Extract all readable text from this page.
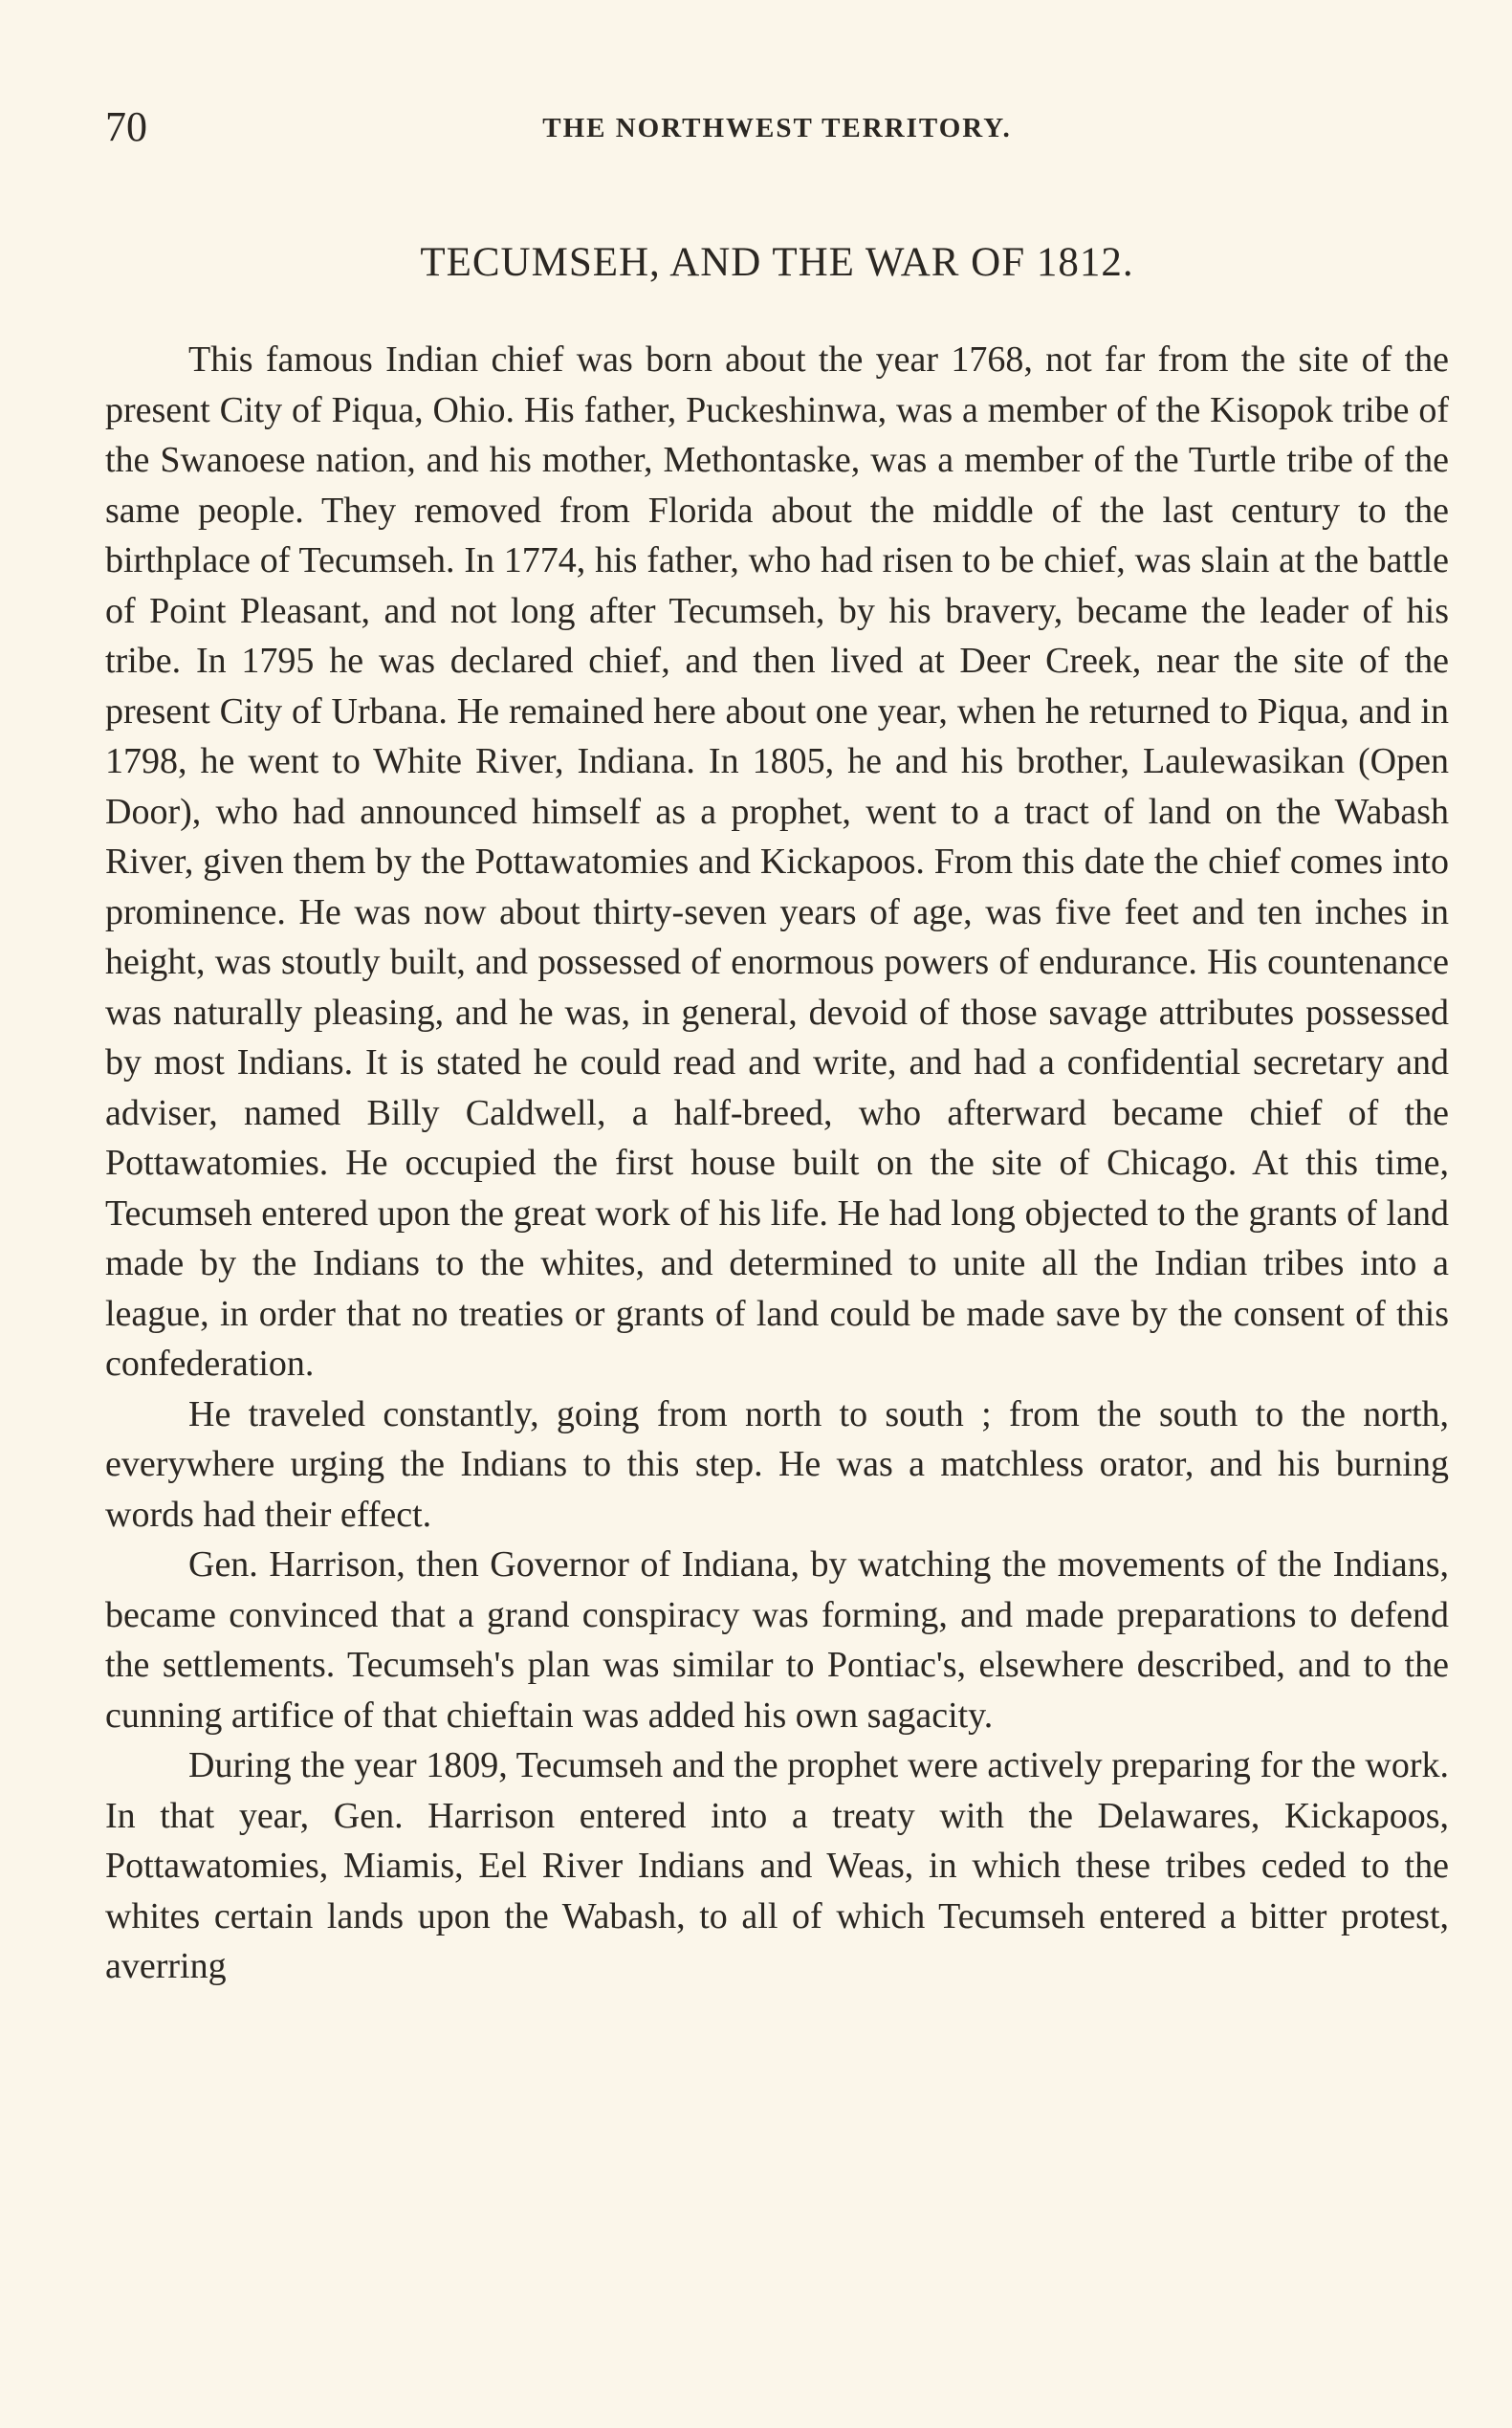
70	THE NORTHWEST TERRITORY.
TECUMSEH, AND THE WAR OF 1812.

This famous Indian chief was born about the year 1768, not far from the site of the present City of Piqua, Ohio. His father, Puckeshinwa, was a member of the Kisopok tribe of the Swanoese nation, and his mother, Methontaske, was a member of the Turtle tribe of the same people. They removed from Florida about the middle of the last century to the birthplace of Tecumseh. In 1774, his father, who had risen to be chief, was slain at the battle of Point Pleasant, and not long after Tecumseh, by his bravery, became the leader of his tribe. In 1795 he was declared chief, and then lived at Deer Creek, near the site of the present City of Urbana. He remained here about one year, when he returned to Piqua, and in 1798, he went to White River, Indiana. In 1805, he and his brother, Laulewasikan (Open Door), who had announced himself as a prophet, went to a tract of land on the Wabash River, given them by the Pottawatomies and Kickapoos. From this date the chief comes into prominence. He was now about thirty-seven years of age, was five feet and ten inches in height, was stoutly built, and possessed of enormous powers of endurance. His countenance was naturally pleasing, and he was, in general, devoid of those savage attributes possessed by most Indians. It is stated he could read and write, and had a confidential secretary and adviser, named Billy Caldwell, a half-breed, who afterward became chief of the Pottawatomies. He occupied the first house built on the site of Chicago. At this time, Tecumseh entered upon the great work of his life. He had long objected to the grants of land made by the Indians to the whites, and determined to unite all the Indian tribes into a league, in order that no treaties or grants of land could be made save by the consent of this confederation.

He traveled constantly, going from north to south ; from the south to the north, everywhere urging the Indians to this step. He was a matchless orator, and his burning words had their effect.

Gen. Harrison, then Governor of Indiana, by watching the movements of the Indians, became convinced that a grand conspiracy was forming, and made preparations to defend the settlements. Tecumseh's plan was similar to Pontiac's, elsewhere described, and to the cunning artifice of that chieftain was added his own sagacity.

During the year 1809, Tecumseh and the prophet were actively preparing for the work. In that year, Gen. Harrison entered into a treaty with the Delawares, Kickapoos, Pottawatomies, Miamis, Eel River Indians and Weas, in which these tribes ceded to the whites certain lands upon the Wabash, to all of which Tecumseh entered a bitter protest, averring
